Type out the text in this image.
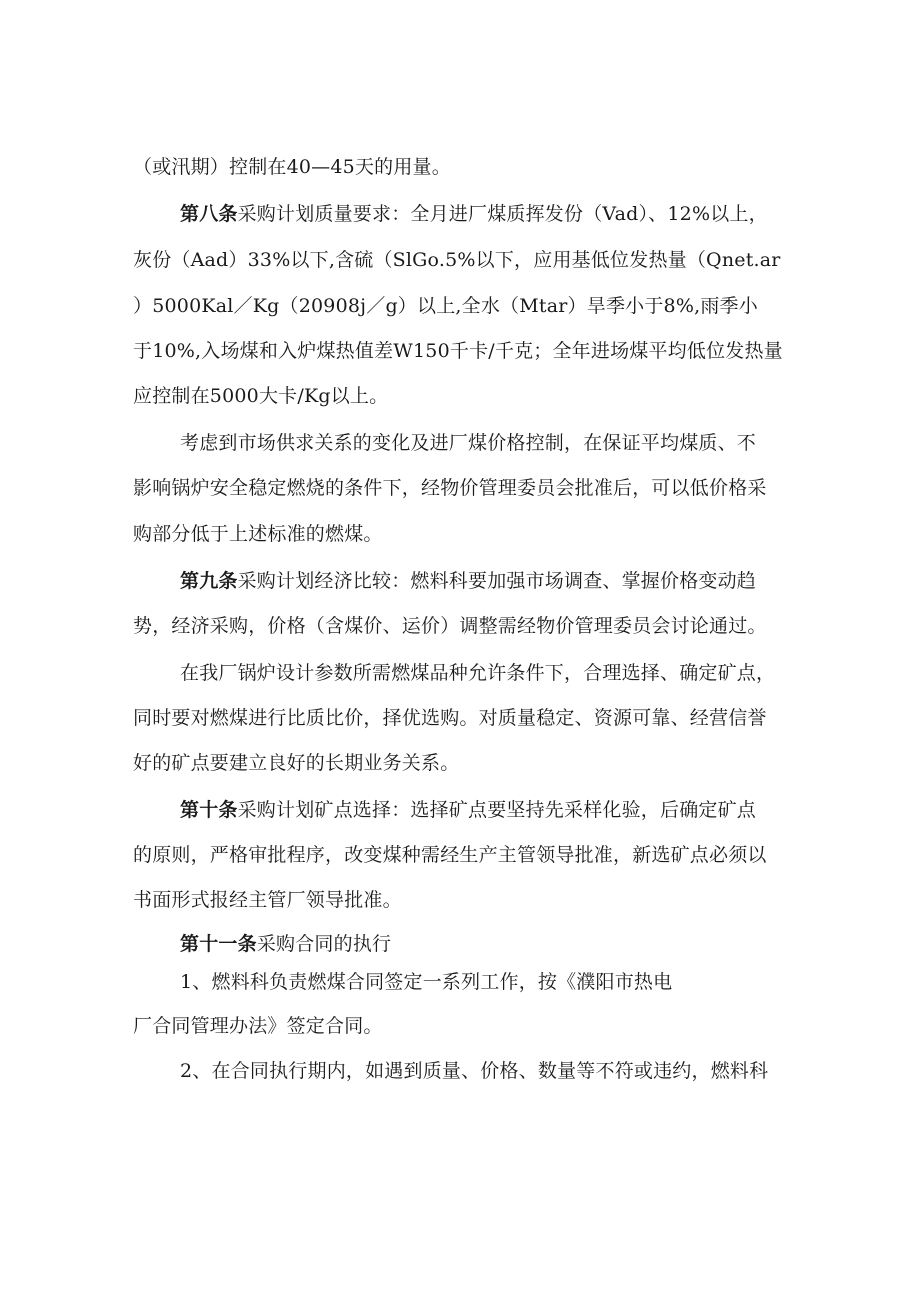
（或汛期）控制在40—45天的用量。
第八条采购计划质量要求：全月进厂煤质挥发份（Vad）、12%以上，
灰份（Aad）33%以下,含硫（SlGo.5%以下，应用基低位发热量（Qnet.ar
）5000Kal／Kg（20908j／g）以上,全水（Mtar）旱季小于8%,雨季小
于10%,入场煤和入炉煤热值差W150千卡/千克；全年进场煤平均低位发热量
应控制在5000大卡/Kg以上。
考虑到市场供求关系的变化及进厂煤价格控制，在保证平均煤质、不
影响锅炉安全稳定燃烧的条件下，经物价管理委员会批准后，可以低价格采
购部分低于上述标准的燃煤。
第九条采购计划经济比较：燃料科要加强市场调查、掌握价格变动趋
势，经济采购，价格（含煤价、运价）调整需经物价管理委员会讨论通过。
在我厂锅炉设计参数所需燃煤品种允许条件下，合理选择、确定矿点，
同时要对燃煤进行比质比价，择优选购。对质量稳定、资源可靠、经营信誉
好的矿点要建立良好的长期业务关系。
第十条采购计划矿点选择：选择矿点要坚持先采样化验，后确定矿点
的原则，严格审批程序，改变煤种需经生产主管领导批准，新选矿点必须以
书面形式报经主管厂领导批准。
第十一条采购合同的执行
1、燃料科负责燃煤合同签定一系列工作，按《濮阳市热电
厂合同管理办法》签定合同。
2、在合同执行期内，如遇到质量、价格、数量等不符或违约，燃料科
